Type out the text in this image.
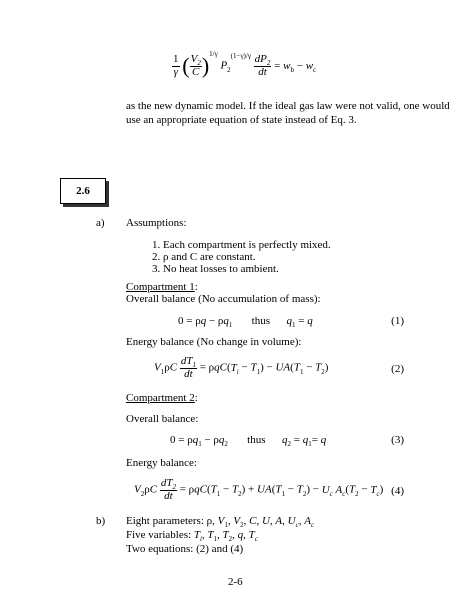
$\frac{1}{\gamma}$ ( $\frac{V_2}{C} )^{1/\gamma}$ $P_2^{(1-\gamma)/\gamma} \frac{dP_2}{dt} = w_b - w_c$
as the new dynamic model. If the ideal gas law were not valid, one would
use an appropriate equation of state instead of Eq. 3.
2.6
a) Assumptions:
1. Each compartment is perfectly mixed.
2. ρ and C are constant.
3. No heat losses to ambient.
Compartment 1:
Overall balance (No accumulation of mass):
$0 = \rho q - \rho q_1$       thus      $q_1 = q$	(1)
Energy balance (No change in volume):
$V_1\rho C \frac{dT_1}{dt} = \rho qC(T_i - T_1) - UA(T_1 - T_2)$	(2)
Compartment 2:
Overall balance:
$0 = \rho q_1 - \rho q_2$       thus      $q_2 = q_1= q$	(3)
Energy balance:
$V_2\rho C \frac{dT_2}{dt} = \rho qC(T_1 - T_2) + UA(T_1 - T_2) - U_c$ $A_c(T_2 - T_c)$ (4)
b) Eight parameters: ρ, $V_1$, $V_2$, C, U, A, $U_c$, $A_c$
Five variables: $T_i$, $T_1$, $T_2$, q, $T_c$
Two equations: (2) and (4)
2-6
